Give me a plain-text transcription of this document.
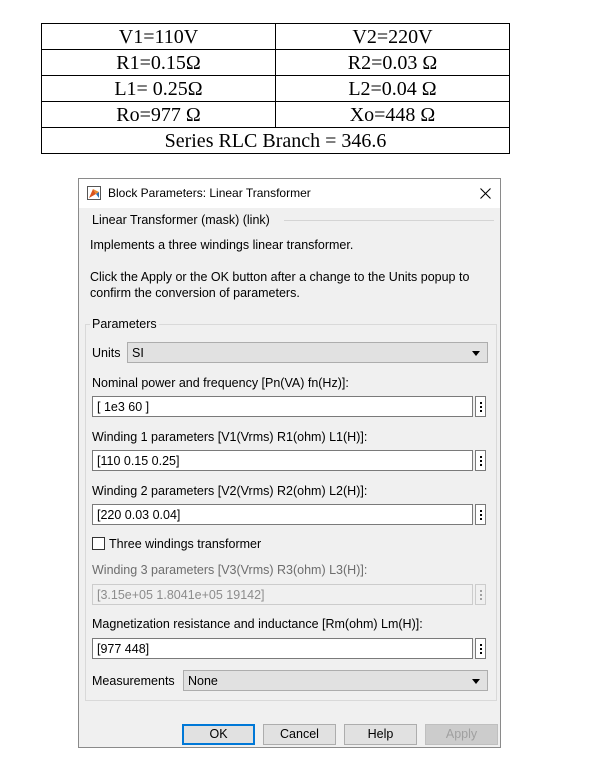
V1=110V	V2=220V
R1=0.15Ω	R2=0.03 Ω
L1= 0.25Ω	L2=0.04 Ω
Ro=977 Ω	Xo=448 Ω
Series RLC Branch = 346.6	
Block Parameters: Linear Transformer
Linear Transformer (mask) (link)
Implements a three windings linear transformer.
Click the Apply or the OK button after a change to the Units popup to
confirm the conversion of parameters.
Parameters
Units SI
Nominal power and frequency [Pn(VA) fn(Hz)]:
[ 1e3 60 ]
Winding 1 parameters [V1(Vrms) R1(ohm) L1(H)]:
[110 0.15 0.25]
Winding 2 parameters [V2(Vrms) R2(ohm) L2(H)]:
[220 0.03 0.04]
Three windings transformer
Winding 3 parameters [V3(Vrms) R3(ohm) L3(H)]:
[3.15e+05 1.8041e+05 19142]
Magnetization resistance and inductance [Rm(ohm) Lm(H)]:
[977 448]
Measurements None
OK	Cancel	Help	Apply
